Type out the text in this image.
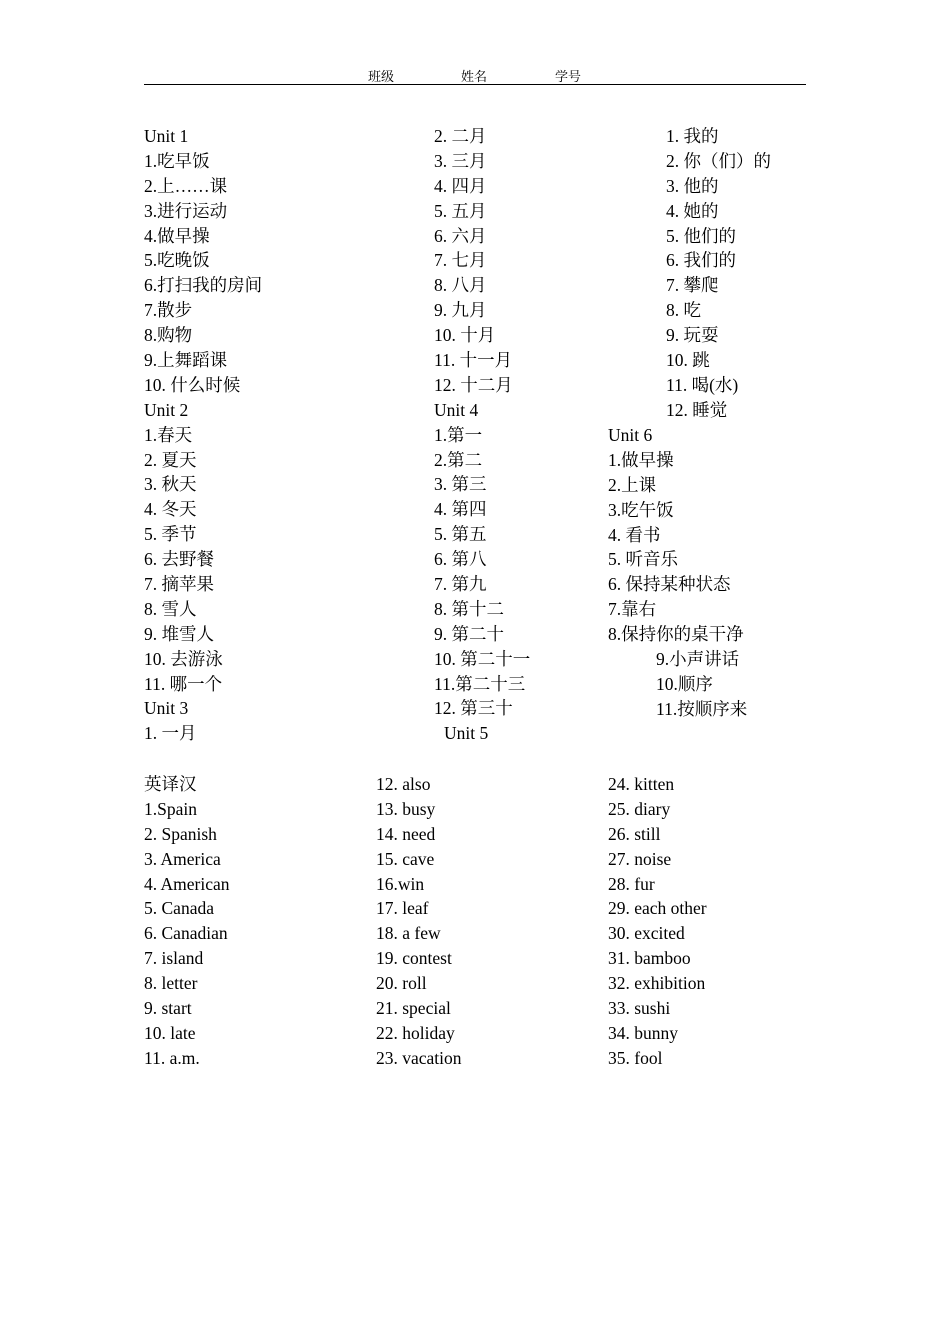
班级	姓名	学号
Unit 1
1.吃早饭
2.上……课
3.进行运动
4.做早操
5.吃晚饭
6.打扫我的房间
7.散步
8.购物
9.上舞蹈课
10. 什么时候
Unit 2
1.春天
2. 夏天
3. 秋天
4. 冬天
5. 季节
6. 去野餐
7. 摘苹果
8. 雪人
9. 堆雪人
10. 去游泳
11. 哪一个
Unit 3
1. 一月
2. 二月
3. 三月
4. 四月
5. 五月
6. 六月
7. 七月
8. 八月
9. 九月
10. 十月
11. 十一月
12. 十二月
Unit 4
1.第一
2.第二
3. 第三
4. 第四
5. 第五
6. 第八
7. 第九
8. 第十二
9. 第二十
10. 第二十一
11.第二十三
12. 第三十
Unit 5
1. 我的
2. 你（们）的
3. 他的
4. 她的
5. 他们的
6. 我们的
7. 攀爬
8. 吃
9. 玩耍
10. 跳
11. 喝(水)
12. 睡觉
Unit 6
1.做早操
2.上课
3.吃午饭
4. 看书
5. 听音乐
6. 保持某种状态
7.靠右
8.保持你的桌干净
9.小声讲话
10.顺序
11.按顺序来
英译汉
1.Spain
2. Spanish
3. America
4. American
5. Canada
6. Canadian
7. island
8. letter
9. start
10. late
11. a.m.
12. also
13. busy
14. need
15. cave
16.win
17. leaf
18. a few
19. contest
20. roll
21. special
22. holiday
23. vacation
24. kitten
25. diary
26. still
27. noise
28. fur
29. each other
30. excited
31. bamboo
32. exhibition
33. sushi
34. bunny
35. fool
